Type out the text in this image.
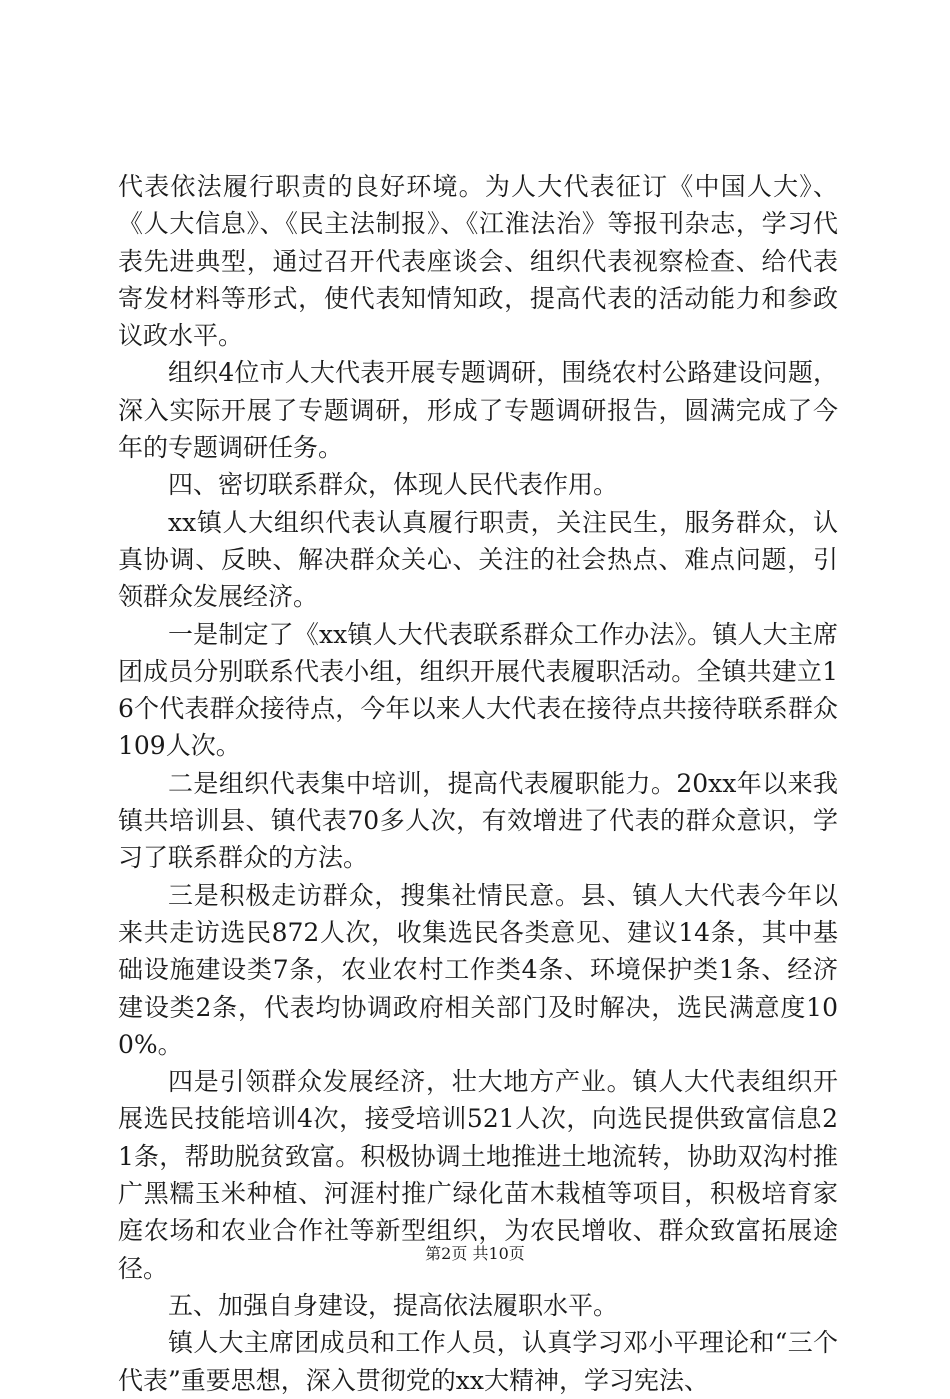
代表依法履行职责的良好环境。为人大代表征订《中国人大》、《人大信息》、《民主法制报》、《江淮法治》等报刊杂志，学习代表先进典型，通过召开代表座谈会、组织代表视察检查、给代表寄发材料等形式，使代表知情知政，提高代表的活动能力和参政议政水平。

组织4位市人大代表开展专题调研，围绕农村公路建设问题，深入实际开展了专题调研，形成了专题调研报告，圆满完成了今年的专题调研任务。

四、密切联系群众，体现人民代表作用。

xx镇人大组织代表认真履行职责，关注民生，服务群众，认真协调、反映、解决群众关心、关注的社会热点、难点问题，引领群众发展经济。

一是制定了《xx镇人大代表联系群众工作办法》。镇人大主席团成员分别联系代表小组，组织开展代表履职活动。全镇共建立16个代表群众接待点，今年以来人大代表在接待点共接待联系群众109人次。

二是组织代表集中培训，提高代表履职能力。20xx年以来我镇共培训县、镇代表70多人次，有效增进了代表的群众意识，学习了联系群众的方法。

三是积极走访群众，搜集社情民意。县、镇人大代表今年以来共走访选民872人次，收集选民各类意见、建议14条，其中基础设施建设类7条，农业农村工作类4条、环境保护类1条、经济建设类2条，代表均协调政府相关部门及时解决，选民满意度100%。

四是引领群众发展经济，壮大地方产业。镇人大代表组织开展选民技能培训4次，接受培训521人次，向选民提供致富信息21条，帮助脱贫致富。积极协调土地推进土地流转，协助双沟村推广黑糯玉米种植、河涯村推广绿化苗木栽植等项目，积极培育家庭农场和农业合作社等新型组织，为农民增收、群众致富拓展途径。

五、加强自身建设，提高依法履职水平。

镇人大主席团成员和工作人员，认真学习邓小平理论和“三个代表”重要思想，深入贯彻党的xx大精神，学习宪法、

第2页 共10页
